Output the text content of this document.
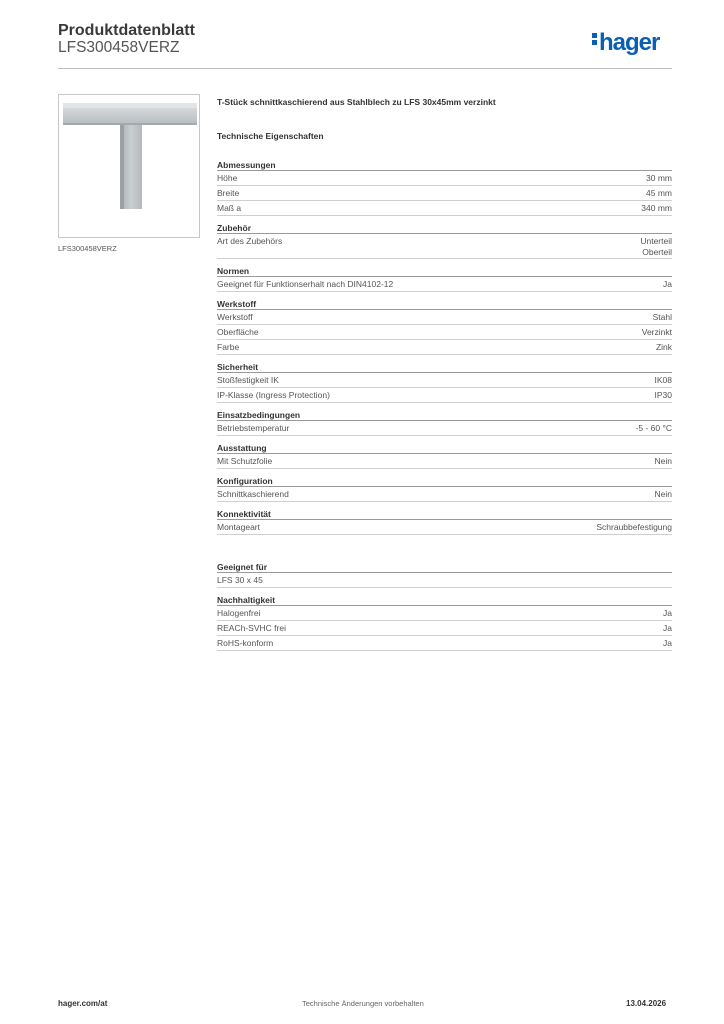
Produktdatenblatt
LFS300458VERZ	hager
LFS300458VERZ
T-Stück schnittkaschierend aus Stahlblech zu LFS 30x45mm verzinkt
Technische Eigenschaften
Abmessungen
Höhe	30 mm
Breite	45 mm
Maß a	340 mm
Zubehör
Art des Zubehörs	Unterteil
Oberteil
Normen
Geeignet für Funktionserhalt nach DIN4102-12	Ja
Werkstoff
Werkstoff	Stahl
Oberfläche	Verzinkt
Farbe	Zink
Sicherheit
Stoßfestigkeit IK	IK08
IP-Klasse (Ingress Protection)	IP30
Einsatzbedingungen
Betriebstemperatur	-5 - 60 °C
Ausstattung
Mit Schutzfolie	Nein
Konfiguration
Schnittkaschierend	Nein
Konnektivität
Montageart	Schraubbefestigung
Geeignet für
LFS 30 x 45
Nachhaltigkeit
Halogenfrei	Ja
REACh-SVHC frei	Ja
RoHS-konform	Ja
hager.com/at	Technische Änderungen vorbehalten	13.04.2026
